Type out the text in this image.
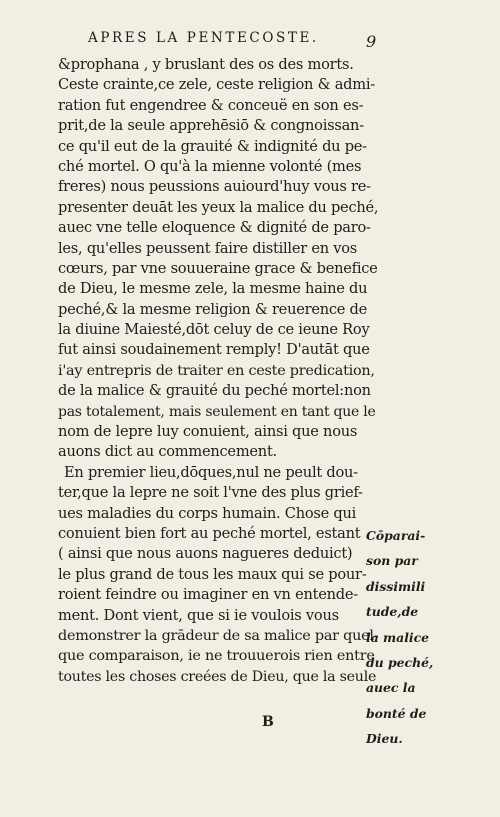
APRES LA PENTECOSTE.	9
&prophana , y bruslant des os des morts.
Ceste crainte,ce zele, ceste religion & admi-
ration fut engendree & conceuë en son es-
prit,de la seule apprehēsiō & congnoissan-
ce qu'il eut de la grauité & indignité du pe-
ché mortel. O qu'à la mienne volonté (mes
freres) nous peussions auiourd'huy vous re-
presenter deuāt les yeux la malice du peché,
auec vne telle eloquence & dignité de paro-
les, qu'elles peussent faire distiller en vos
cœurs, par vne souueraine grace & benefice
de Dieu, le mesme zele, la mesme haine du
peché,& la mesme religion & reuerence de
la diuine Maiesté,dōt celuy de ce ieune Roy
fut ainsi soudainement remply! D'autāt que
i'ay entrepris de traiter en ceste predication,
de la malice & grauité du peché mortel:non
pas totalement, mais seulement en tant que le
nom de lepre luy conuient, ainsi que nous
auons dict au commencement.
En premier lieu,dōques,nul ne peult dou-
ter,que la lepre ne soit l'vne des plus grief-
ues maladies du corps humain. Chose qui
conuient bien fort au peché mortel, estant
( ainsi que nous auons nagueres deduict)
le plus grand de tous les maux qui se pour-
roient feindre ou imaginer en vn entende-
ment. Dont vient, que si ie voulois vous
demonstrer la grādeur de sa malice par quel-
que comparaison, ie ne trouuerois rien entre
toutes les choses creées de Dieu, que la seule
Cōparai-
son par
dissimili
tude,de
la malice
du peché,
auec la
bonté de
Dieu.
B
